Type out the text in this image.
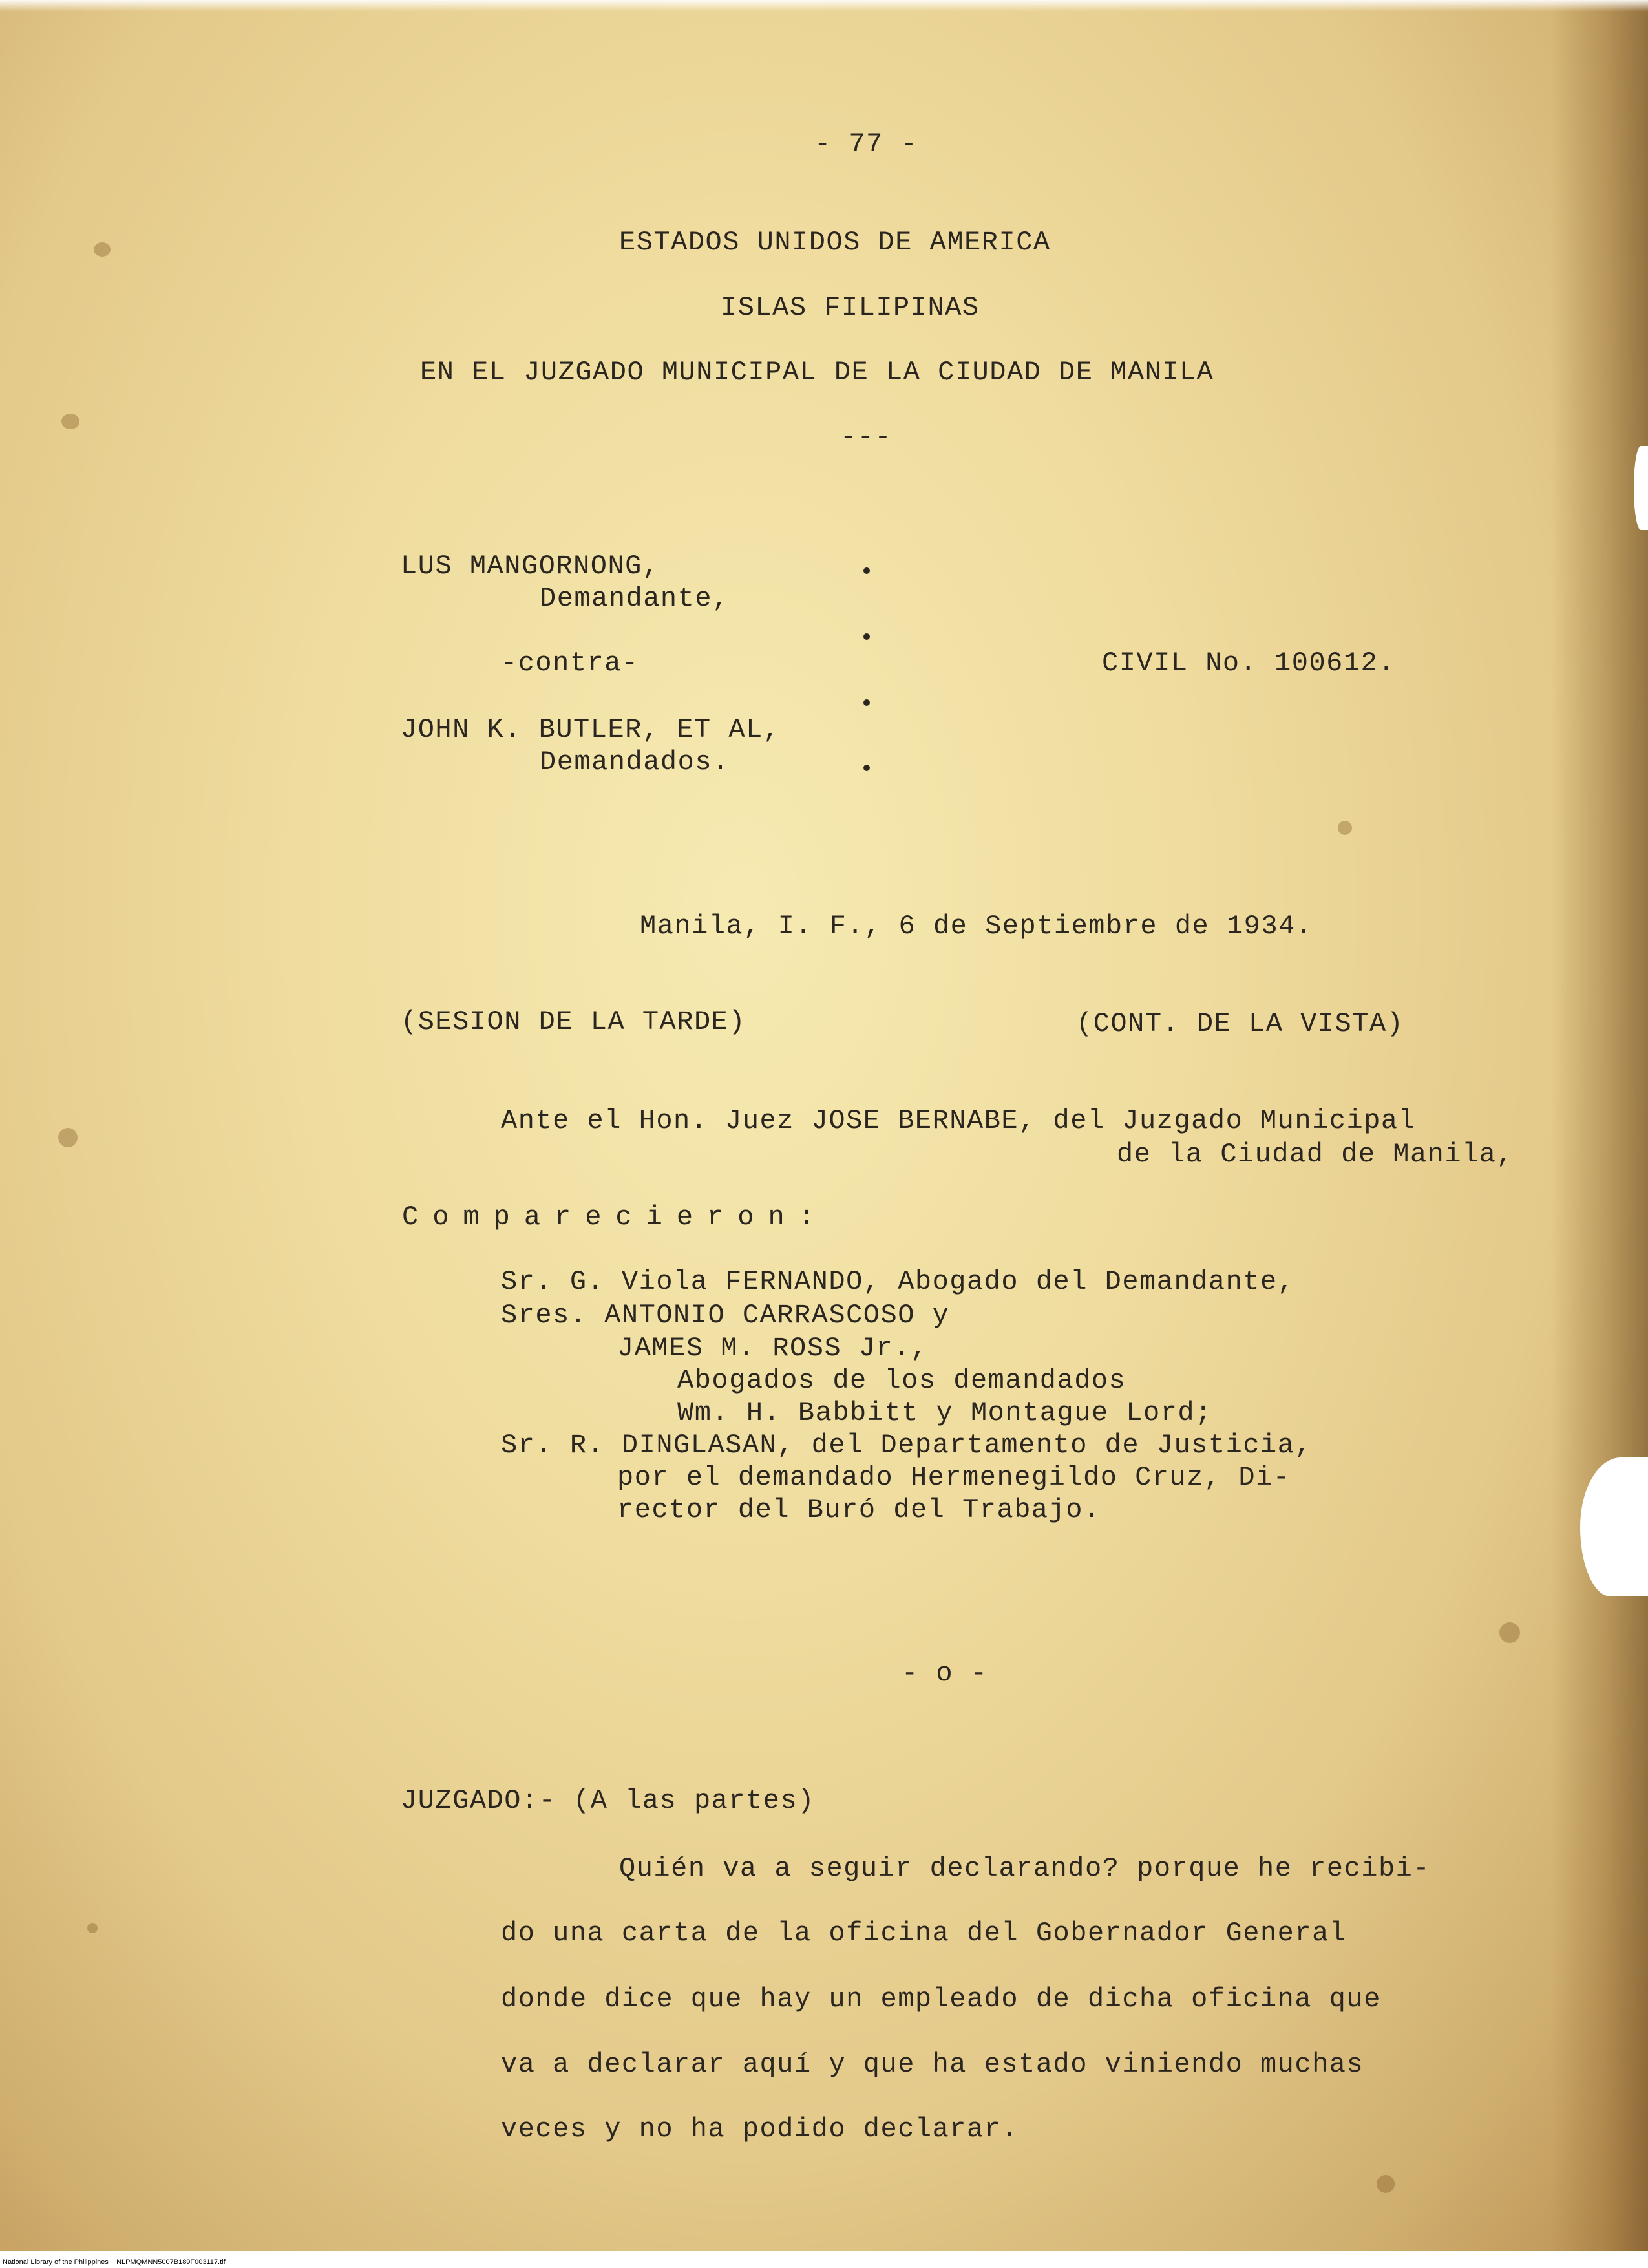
- 77 -
ESTADOS UNIDOS DE AMERICA
ISLAS FILIPINAS
EN EL JUZGADO MUNICIPAL DE LA CIUDAD DE MANILA
---
LUS MANGORNONG,
Demandante,
-contra-
JOHN K. BUTLER, ET AL,
Demandados.
CIVIL No. 100612.
Manila, I. F., 6 de Septiembre de 1934.
(SESION DE LA TARDE)	(CONT. DE LA VISTA)
Ante el Hon. Juez JOSE BERNABE, del Juzgado Municipal
de la Ciudad de Manila,
Comparecieron:
Sr. G. Viola FERNANDO, Abogado del Demandante,
Sres. ANTONIO CARRASCOSO y
JAMES M. ROSS Jr.,
Abogados de los demandados
Wm. H. Babbitt y Montague Lord;
Sr. R. DINGLASAN, del Departamento de Justicia,
por el demandado Hermenegildo Cruz, Di-
rector del Buró del Trabajo.
- o -
JUZGADO:- (A las partes)
Quién va a seguir declarando? porque he recibi-
do una carta de la oficina del Gobernador General
donde dice que hay un empleado de dicha oficina que
va a declarar aquí y que ha estado viniendo muchas
veces y no ha podido declarar.
National Library of the Philippines    NLPMQMNN5007B189F003117.tif
